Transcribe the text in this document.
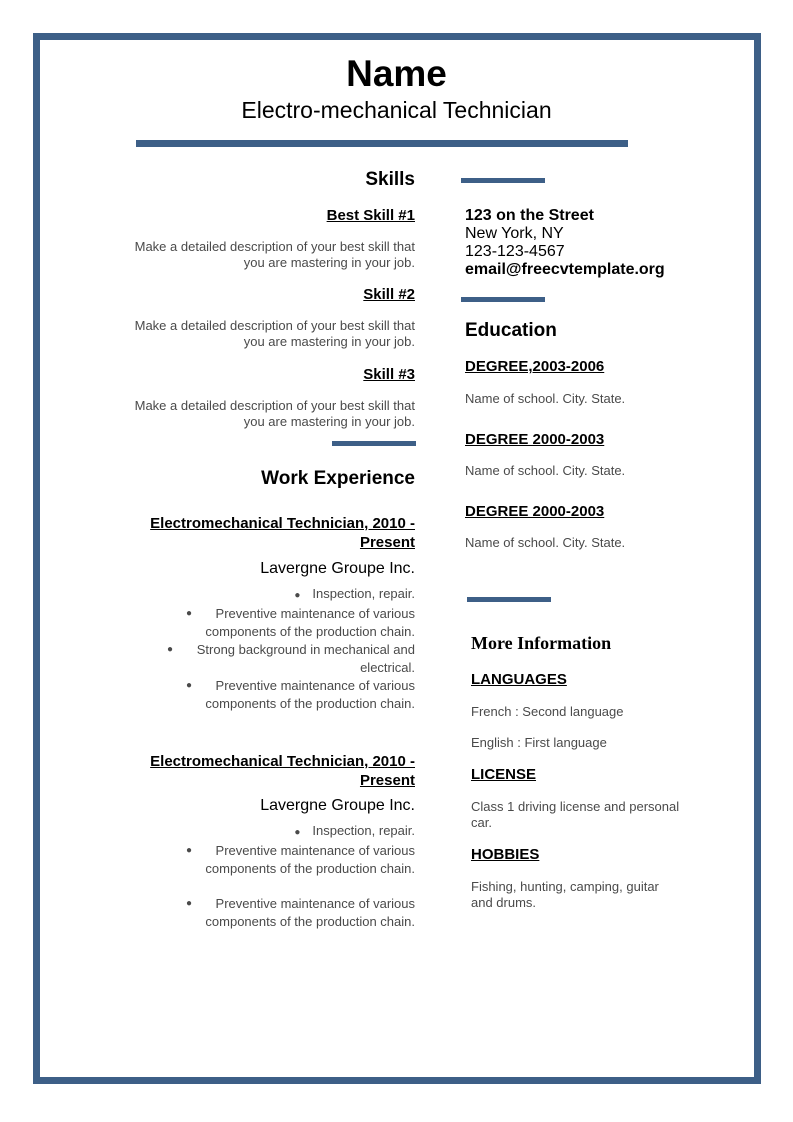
Name
Electro-mechanical Technician
Skills
Best Skill #1
Make a detailed description of your best skill that you are mastering in your job.
Skill #2
Make a detailed description of your best skill that you are mastering in your job.
Skill #3
Make a detailed description of your best skill that you are mastering in your job.
Work Experience
Electromechanical Technician, 2010 -
Present
Lavergne Groupe Inc.
● Inspection, repair.
● Preventive maintenance of various components of the production chain.
● Strong background in mechanical and electrical.
● Preventive maintenance of various components of the production chain.
Electromechanical Technician, 2010 -
Present
Lavergne Groupe Inc.
● Inspection, repair.
● Preventive maintenance of various components of the production chain.
● Preventive maintenance of various components of the production chain.
123 on the Street
New York, NY
123-123-4567
email@freecvtemplate.org
Education
DEGREE,2003-2006
Name of school. City. State.
DEGREE 2000-2003
Name of school. City. State.
DEGREE 2000-2003
Name of school. City. State.
More Information
LANGUAGES
French : Second language
English : First language
LICENSE
Class 1 driving license and personal car.
HOBBIES
Fishing, hunting, camping, guitar and drums.
